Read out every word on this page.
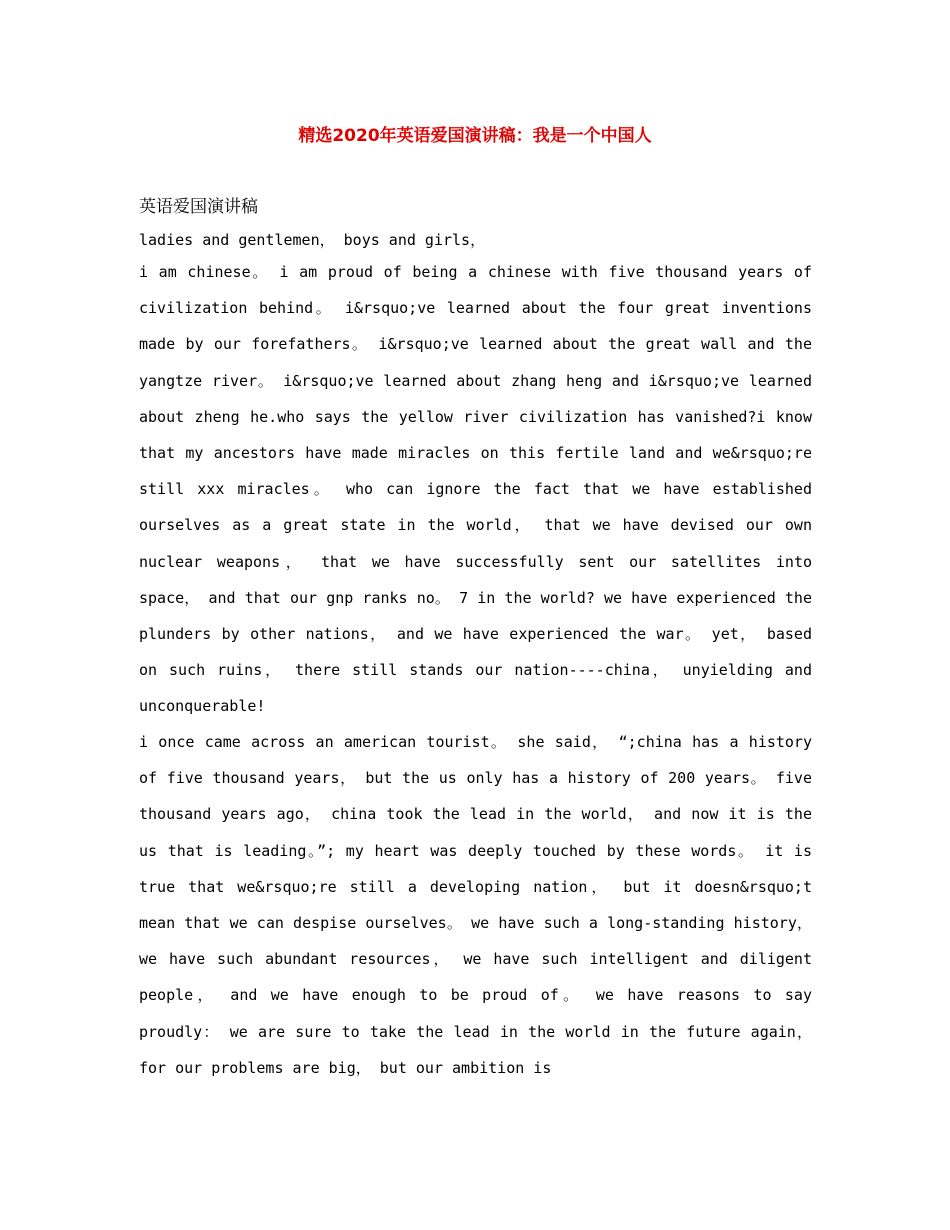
精选2020年英语爱国演讲稿：我是一个中国人
英语爱国演讲稿
ladies and gentlemen， boys and girls，

i am chinese。 i am proud of being a chinese with five thousand years of civilization behind。 i&rsquo;ve learned about the four great inventions made by our forefathers。 i&rsquo;ve learned about the great wall and the yangtze river。 i&rsquo;ve learned about zhang heng and i&rsquo;ve learned about zheng he.who says the yellow river civilization has vanished?i know that my ancestors have made miracles on this fertile land and we&rsquo;re still xxx miracles。 who can ignore the fact that we have established ourselves as a great state in the world， that we have devised our own nuclear weapons， that we have successfully sent our satellites into space， and that our gnp ranks no。 7 in the world? we have experienced the plunders by other nations， and we have experienced the war。 yet， based on such ruins， there still stands our nation----china， unyielding and unconquerable!

i once came across an american tourist。 she said， “;china has a history of five thousand years， but the us only has a history of 200 years。 five thousand years ago， china took the lead in the world， and now it is the us that is leading。”; my heart was deeply touched by these words。 it is true that we&rsquo;re still a developing nation， but it doesn&rsquo;t mean that we can despise ourselves。 we have such a long-standing history， we have such abundant resources， we have such intelligent and diligent people， and we have enough to be proud of。 we have reasons to say proudly： we are sure to take the lead in the world in the future again， for our problems are big， but our ambition is
